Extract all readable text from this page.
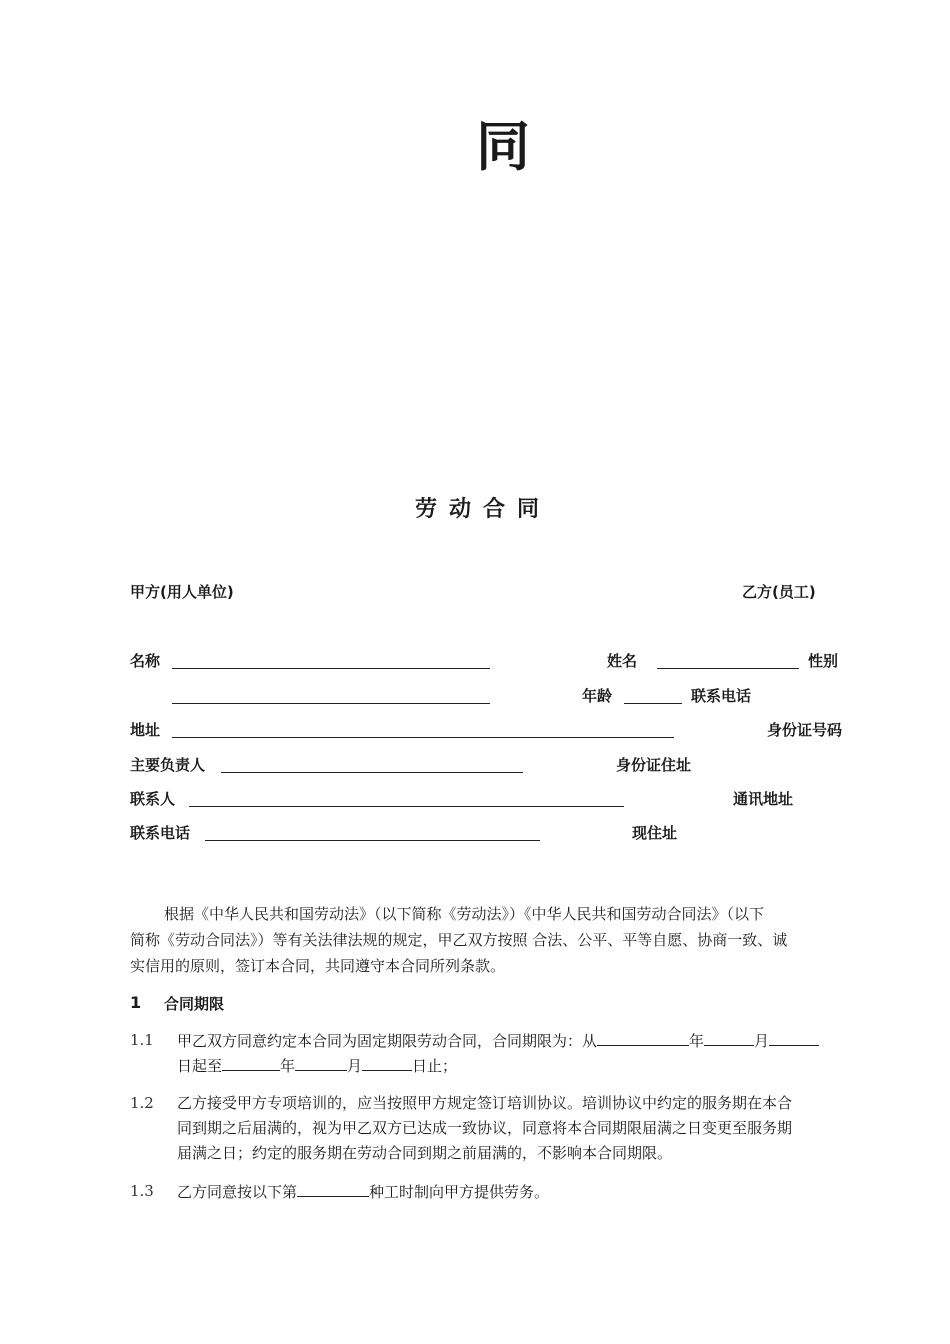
同
劳动合同
甲方(用人单位)	乙方(员工)
名称	姓名	性别
年龄	联系电话
地址	身份证号码
主要负责人	身份证住址
联系人	通讯地址
联系电话	现住址
根据《中华人民共和国劳动法》（以下简称《劳动法》）《中华人民共和国劳动合同法》（以下
简称《劳动合同法》）等有关法律法规的规定，甲乙双方按照 合法、公平、平等自愿、协商一致、诚
实信用的原则，签订本合同，共同遵守本合同所列条款。
1 合同期限
1.1 甲乙双方同意约定本合同为固定期限劳动合同，合同期限为：从	年	月
日起至	年	月	日止；
1.2 乙方接受甲方专项培训的，应当按照甲方规定签订培训协议。培训协议中约定的服务期在本合
同到期之后届满的，视为甲乙双方已达成一致协议，同意将本合同期限届满之日变更至服务期
届满之日；约定的服务期在劳动合同到期之前届满的，不影响本合同期限。
1.3 乙方同意按以下第	种工时制向甲方提供劳务。
